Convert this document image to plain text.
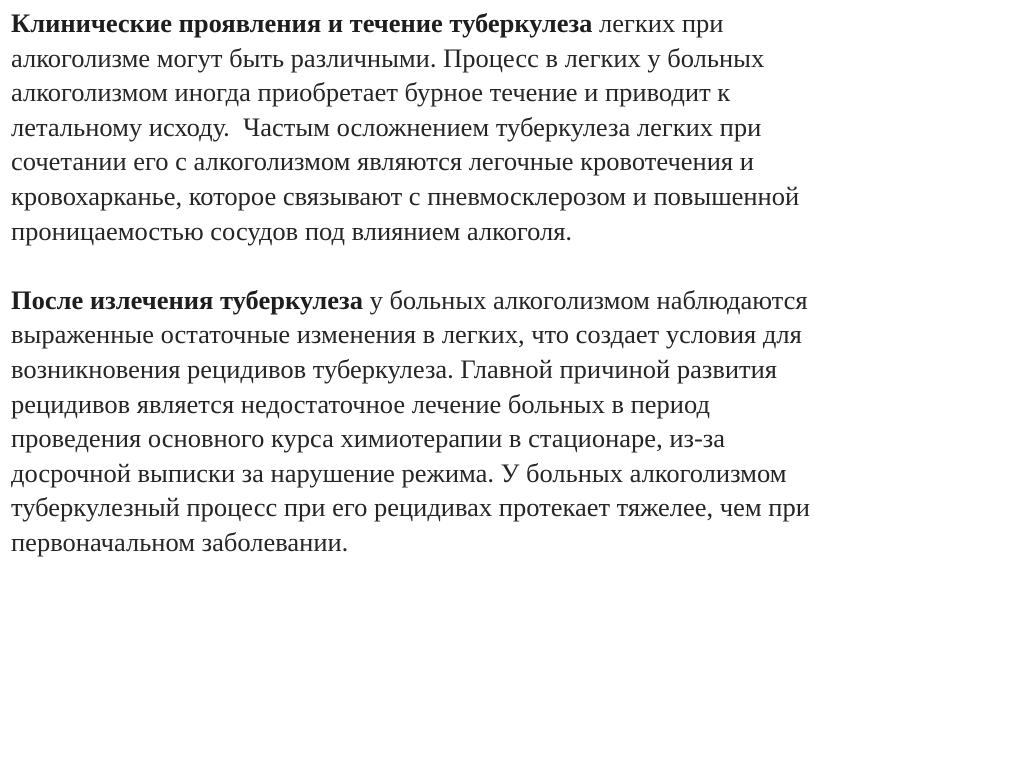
Клинические проявления и течение туберкулеза легких при
алкоголизме могут быть различными. Процесс в легких у больных
алкоголизмом иногда приобретает бурное течение и приводит к
летальному исходу.  Частым осложнением туберкулеза легких при
сочетании его с алкоголизмом являются легочные кровотечения и
кровохарканье, которое связывают с пневмосклерозом и повышенной
проницаемостью сосудов под влиянием алкоголя.

После излечения туберкулеза у больных алкоголизмом наблюдаются
выраженные остаточные изменения в легких, что создает условия для
возникновения рецидивов туберкулеза. Главной причиной развития
рецидивов является недостаточное лечение больных в период
проведения основного курса химиотерапии в стационаре, из-за
досрочной выписки за нарушение режима. У больных алкоголизмом
туберкулезный процесс при его рецидивах протекает тяжелее, чем при
первоначальном заболевании.
